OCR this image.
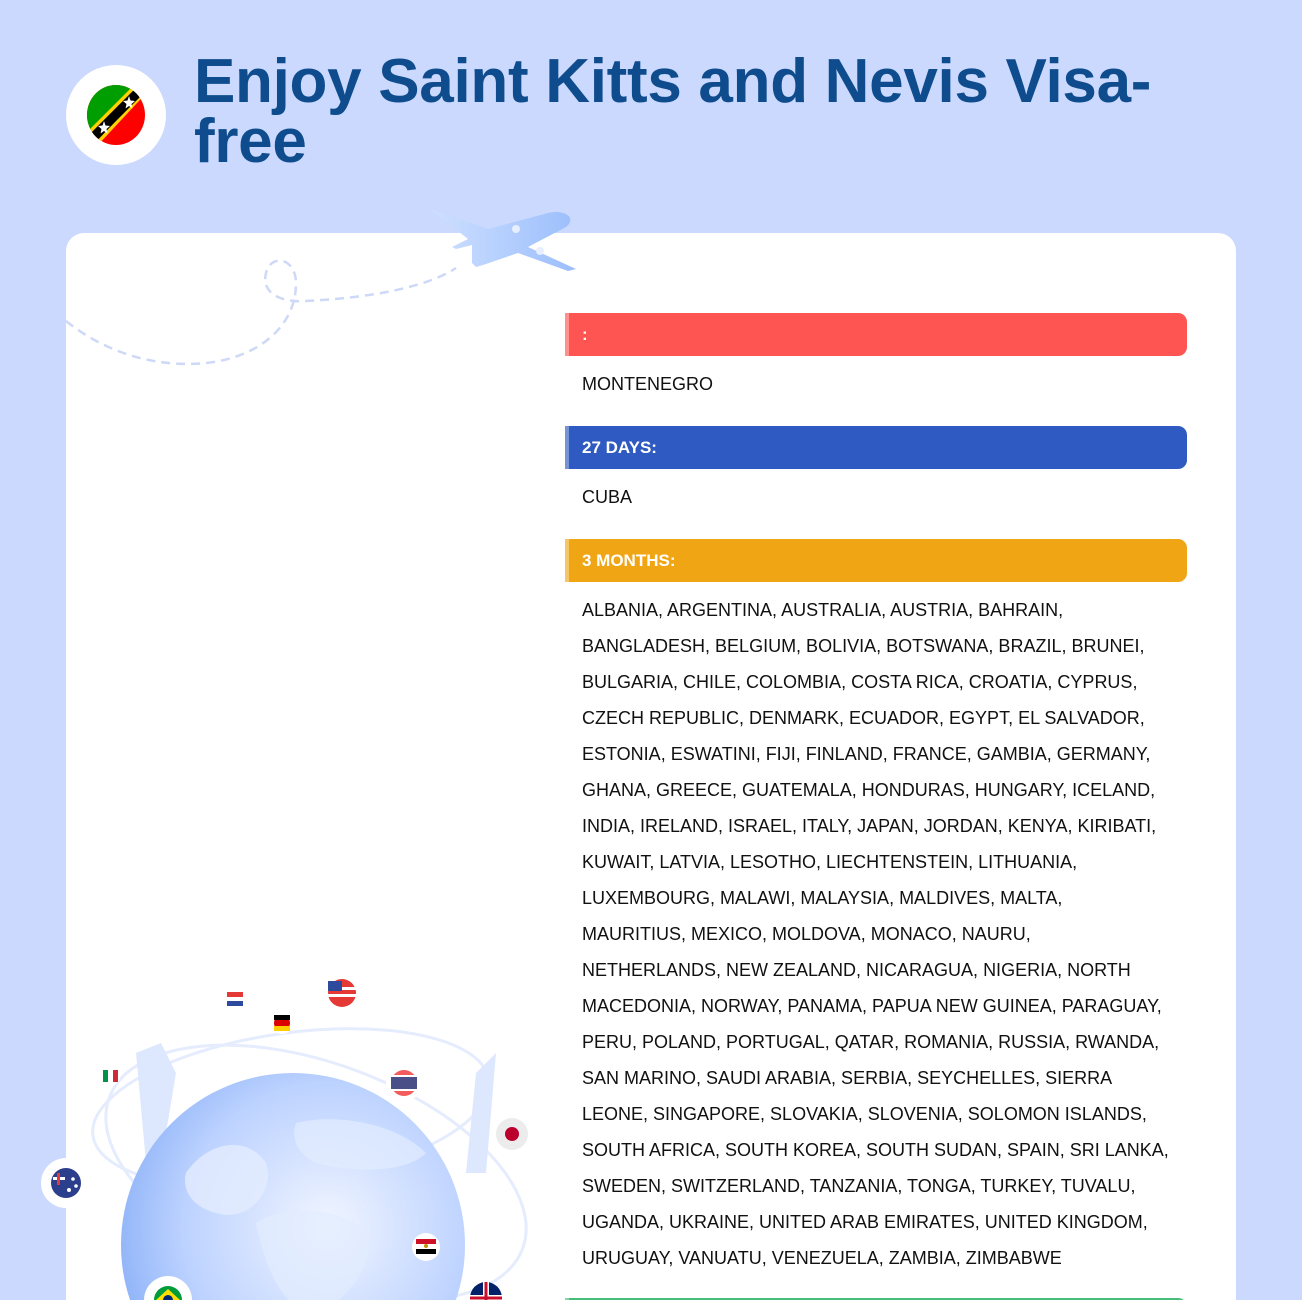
Enjoy Saint Kitts and Nevis Visa-free
:
MONTENEGRO
27 DAYS:
CUBA
3 MONTHS:
ALBANIA, ARGENTINA, AUSTRALIA, AUSTRIA, BAHRAIN, BANGLADESH, BELGIUM, BOLIVIA, BOTSWANA, BRAZIL, BRUNEI, BULGARIA, CHILE, COLOMBIA, COSTA RICA, CROATIA, CYPRUS, CZECH REPUBLIC, DENMARK, ECUADOR, EGYPT, EL SALVADOR, ESTONIA, ESWATINI, FIJI, FINLAND, FRANCE, GAMBIA, GERMANY, GHANA, GREECE, GUATEMALA, HONDURAS, HUNGARY, ICELAND, INDIA, IRELAND, ISRAEL, ITALY, JAPAN, JORDAN, KENYA, KIRIBATI, KUWAIT, LATVIA, LESOTHO, LIECHTENSTEIN, LITHUANIA, LUXEMBOURG, MALAWI, MALAYSIA, MALDIVES, MALTA, MAURITIUS, MEXICO, MOLDOVA, MONACO, NAURU, NETHERLANDS, NEW ZEALAND, NICARAGUA, NIGERIA, NORTH MACEDONIA, NORWAY, PANAMA, PAPUA NEW GUINEA, PARAGUAY, PERU, POLAND, PORTUGAL, QATAR, ROMANIA, RUSSIA, RWANDA, SAN MARINO, SAUDI ARABIA, SERBIA, SEYCHELLES, SIERRA LEONE, SINGAPORE, SLOVAKIA, SLOVENIA, SOLOMON ISLANDS, SOUTH AFRICA, SOUTH KOREA, SOUTH SUDAN, SPAIN, SRI LANKA, SWEDEN, SWITZERLAND, TANZANIA, TONGA, TURKEY, TUVALU, UGANDA, UKRAINE, UNITED ARAB EMIRATES, UNITED KINGDOM, URUGUAY, VANUATU, VENEZUELA, ZAMBIA, ZIMBABWE
